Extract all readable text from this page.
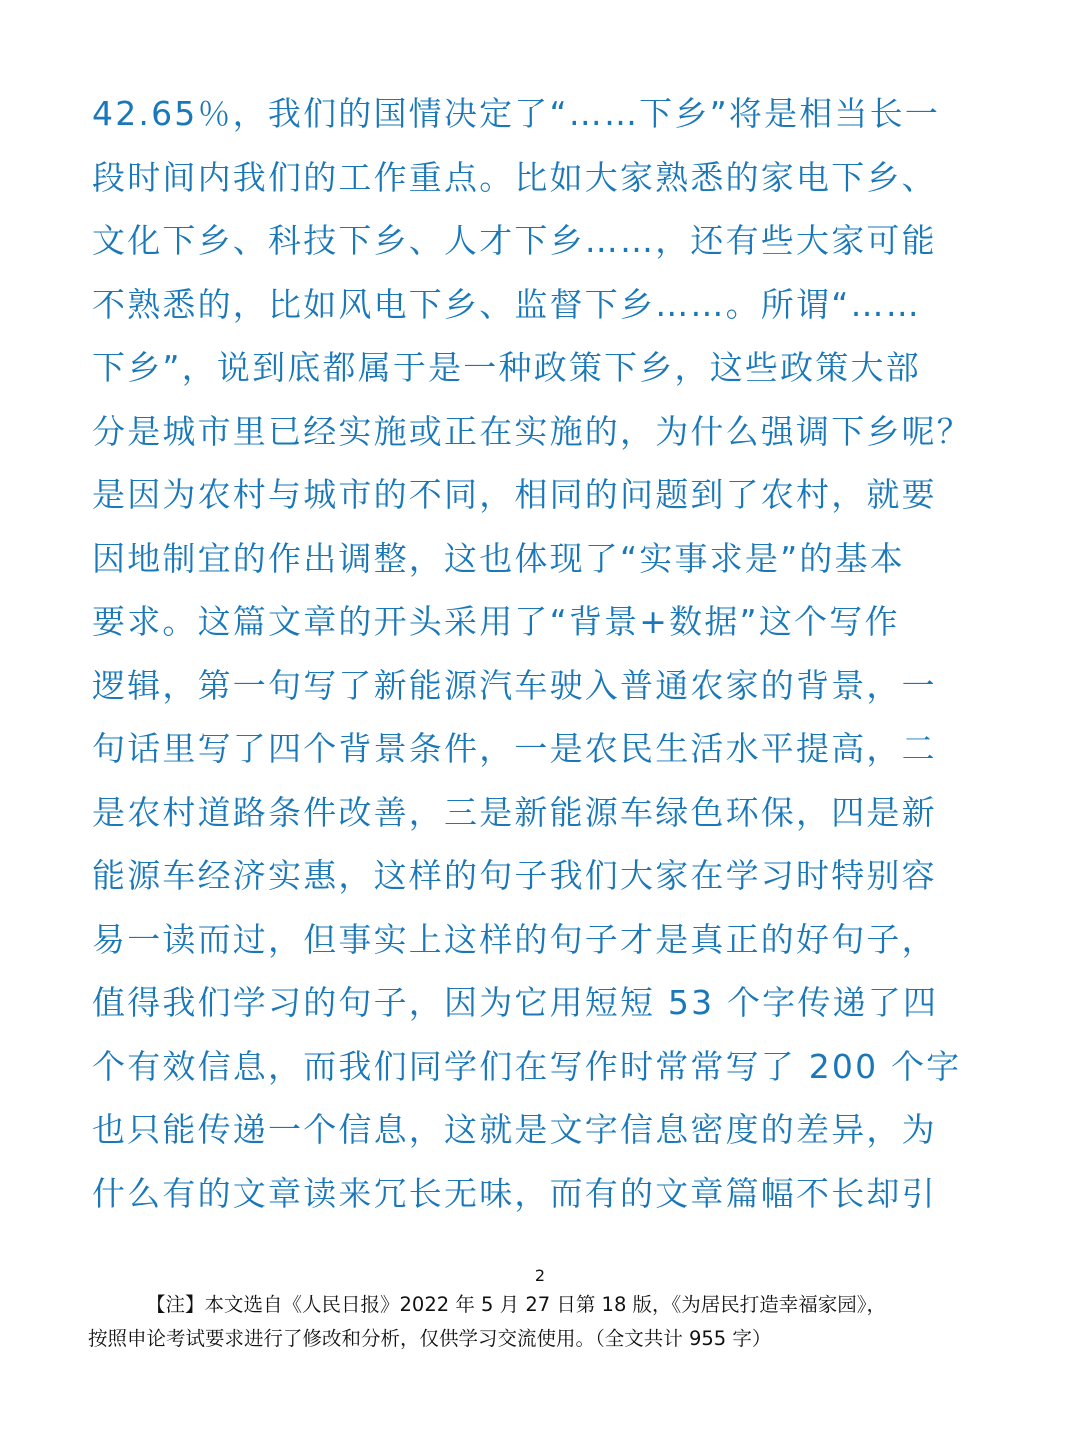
42.65％，我们的国情决定了“……下乡”将是相当长一
段时间内我们的工作重点。比如大家熟悉的家电下乡、
文化下乡、科技下乡、人才下乡……，还有些大家可能
不熟悉的，比如风电下乡、监督下乡……。所谓“……
下乡”，说到底都属于是一种政策下乡，这些政策大部
分是城市里已经实施或正在实施的，为什么强调下乡呢？
是因为农村与城市的不同，相同的问题到了农村，就要
因地制宜的作出调整，这也体现了“实事求是”的基本
要求。这篇文章的开头采用了“背景+数据”这个写作
逻辑，第一句写了新能源汽车驶入普通农家的背景，一
句话里写了四个背景条件，一是农民生活水平提高，二
是农村道路条件改善，三是新能源车绿色环保，四是新
能源车经济实惠，这样的句子我们大家在学习时特别容
易一读而过，但事实上这样的句子才是真正的好句子，
值得我们学习的句子，因为它用短短 53 个字传递了四
个有效信息，而我们同学们在写作时常常写了 200 个字
也只能传递一个信息，这就是文字信息密度的差异，为
什么有的文章读来冗长无味，而有的文章篇幅不长却引
2
【注】本文选自《人民日报》2022 年 5 月 27 日第 18 版，《为居民打造幸福家园》，
按照申论考试要求进行了修改和分析，仅供学习交流使用。（全文共计 955 字）
